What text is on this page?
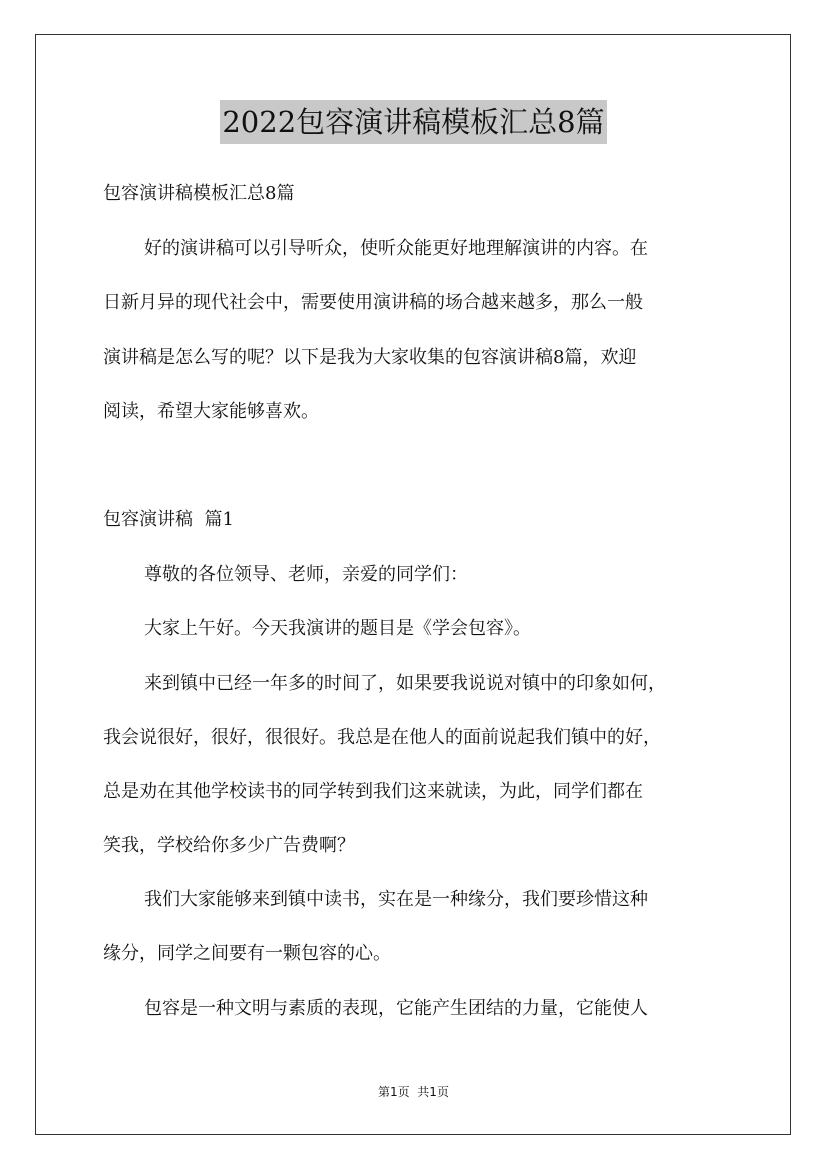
2022包容演讲稿模板汇总8篇
包容演讲稿模板汇总8篇
好的演讲稿可以引导听众，使听众能更好地理解演讲的内容。在
日新月异的现代社会中，需要使用演讲稿的场合越来越多，那么一般
演讲稿是怎么写的呢？以下是我为大家收集的包容演讲稿8篇，欢迎
阅读，希望大家能够喜欢。
包容演讲稿  篇1
尊敬的各位领导、老师，亲爱的同学们：
大家上午好。今天我演讲的题目是《学会包容》。
来到镇中已经一年多的时间了，如果要我说说对镇中的印象如何，
我会说很好，很好，很很好。我总是在他人的面前说起我们镇中的好，
总是劝在其他学校读书的同学转到我们这来就读，为此，同学们都在
笑我，学校给你多少广告费啊？
我们大家能够来到镇中读书，实在是一种缘分，我们要珍惜这种
缘分，同学之间要有一颗包容的心。
包容是一种文明与素质的表现，它能产生团结的力量，它能使人
第1页  共1页
